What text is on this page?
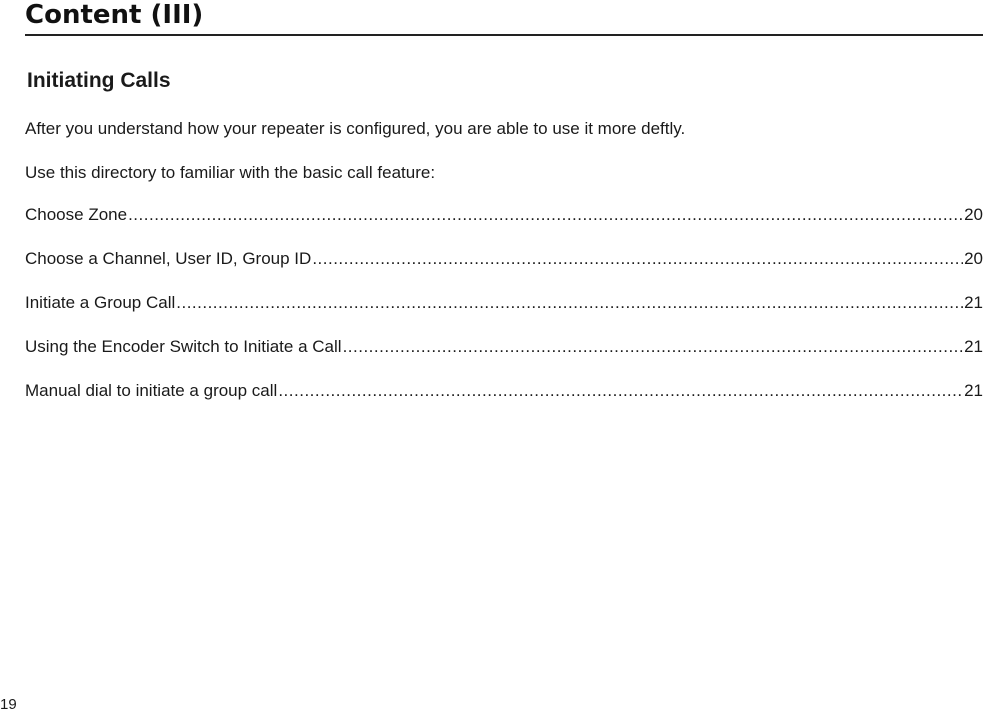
Content (III)
Initiating Calls

After you understand how your repeater is configured, you are able to use it more deftly.

Use this directory to familiar with the basic call feature:

Choose Zone .....	20
Choose a Channel, User ID, Group ID .....	20
Initiate a Group Call .....	21
Using the Encoder Switch to Initiate a Call .....	21
Manual dial to initiate a group call .....	21

19
